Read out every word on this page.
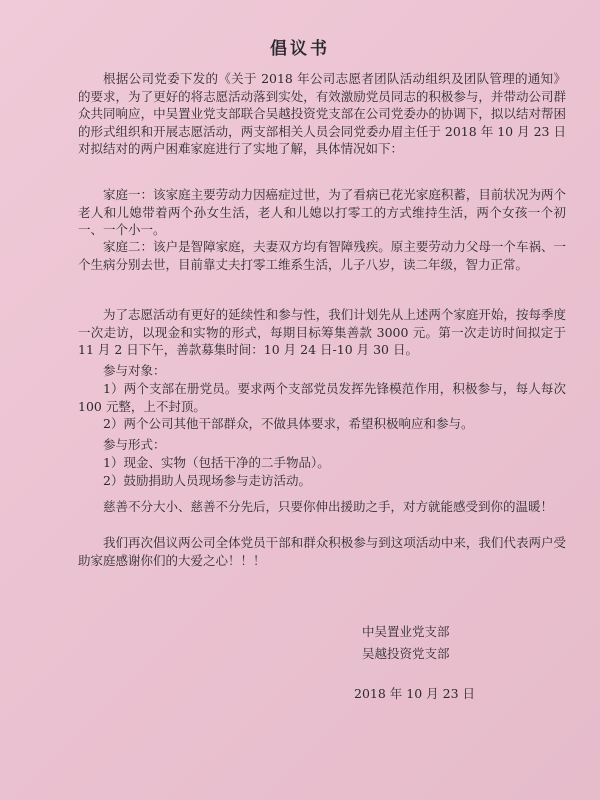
倡议书

根据公司党委下发的《关于 2018 年公司志愿者团队活动组织及团队管理的通知》的要求，为了更好的将志愿活动落到实处，有效激励党员同志的积极参与，并带动公司群众共同响应，中吴置业党支部联合吴越投资党支部在公司党委办的协调下，拟以结对帮困的形式组织和开展志愿活动，两支部相关人员会同党委办眉主任于 2018 年 10 月 23 日对拟结对的两户困难家庭进行了实地了解，具体情况如下：

家庭一：该家庭主要劳动力因癌症过世，为了看病已花光家庭积蓄，目前状况为两个老人和儿媳带着两个孙女生活，老人和儿媳以打零工的方式维持生活，两个女孩一个初一、一个小一。

家庭二：该户是智障家庭，夫妻双方均有智障残疾。原主要劳动力父母一个车祸、一个生病分别去世，目前靠丈夫打零工维系生活，儿子八岁，读二年级，智力正常。

为了志愿活动有更好的延续性和参与性，我们计划先从上述两个家庭开始，按每季度一次走访，以现金和实物的形式，每期目标筹集善款 3000 元。第一次走访时间拟定于 11 月 2 日下午，善款募集时间：10 月 24 日-10 月 30 日。

参与对象：

1）两个支部在册党员。要求两个支部党员发挥先锋模范作用，积极参与，每人每次 100 元整，上不封顶。

2）两个公司其他干部群众，不做具体要求，希望积极响应和参与。

参与形式：

1）现金、实物（包括干净的二手物品）。

2）鼓励捐助人员现场参与走访活动。

慈善不分大小、慈善不分先后，只要你伸出援助之手，对方就能感受到你的温暖！

我们再次倡议两公司全体党员干部和群众积极参与到这项活动中来，我们代表两户受助家庭感谢你们的大爱之心！！！

中吴置业党支部
吴越投资党支部
2018 年 10 月 23 日
